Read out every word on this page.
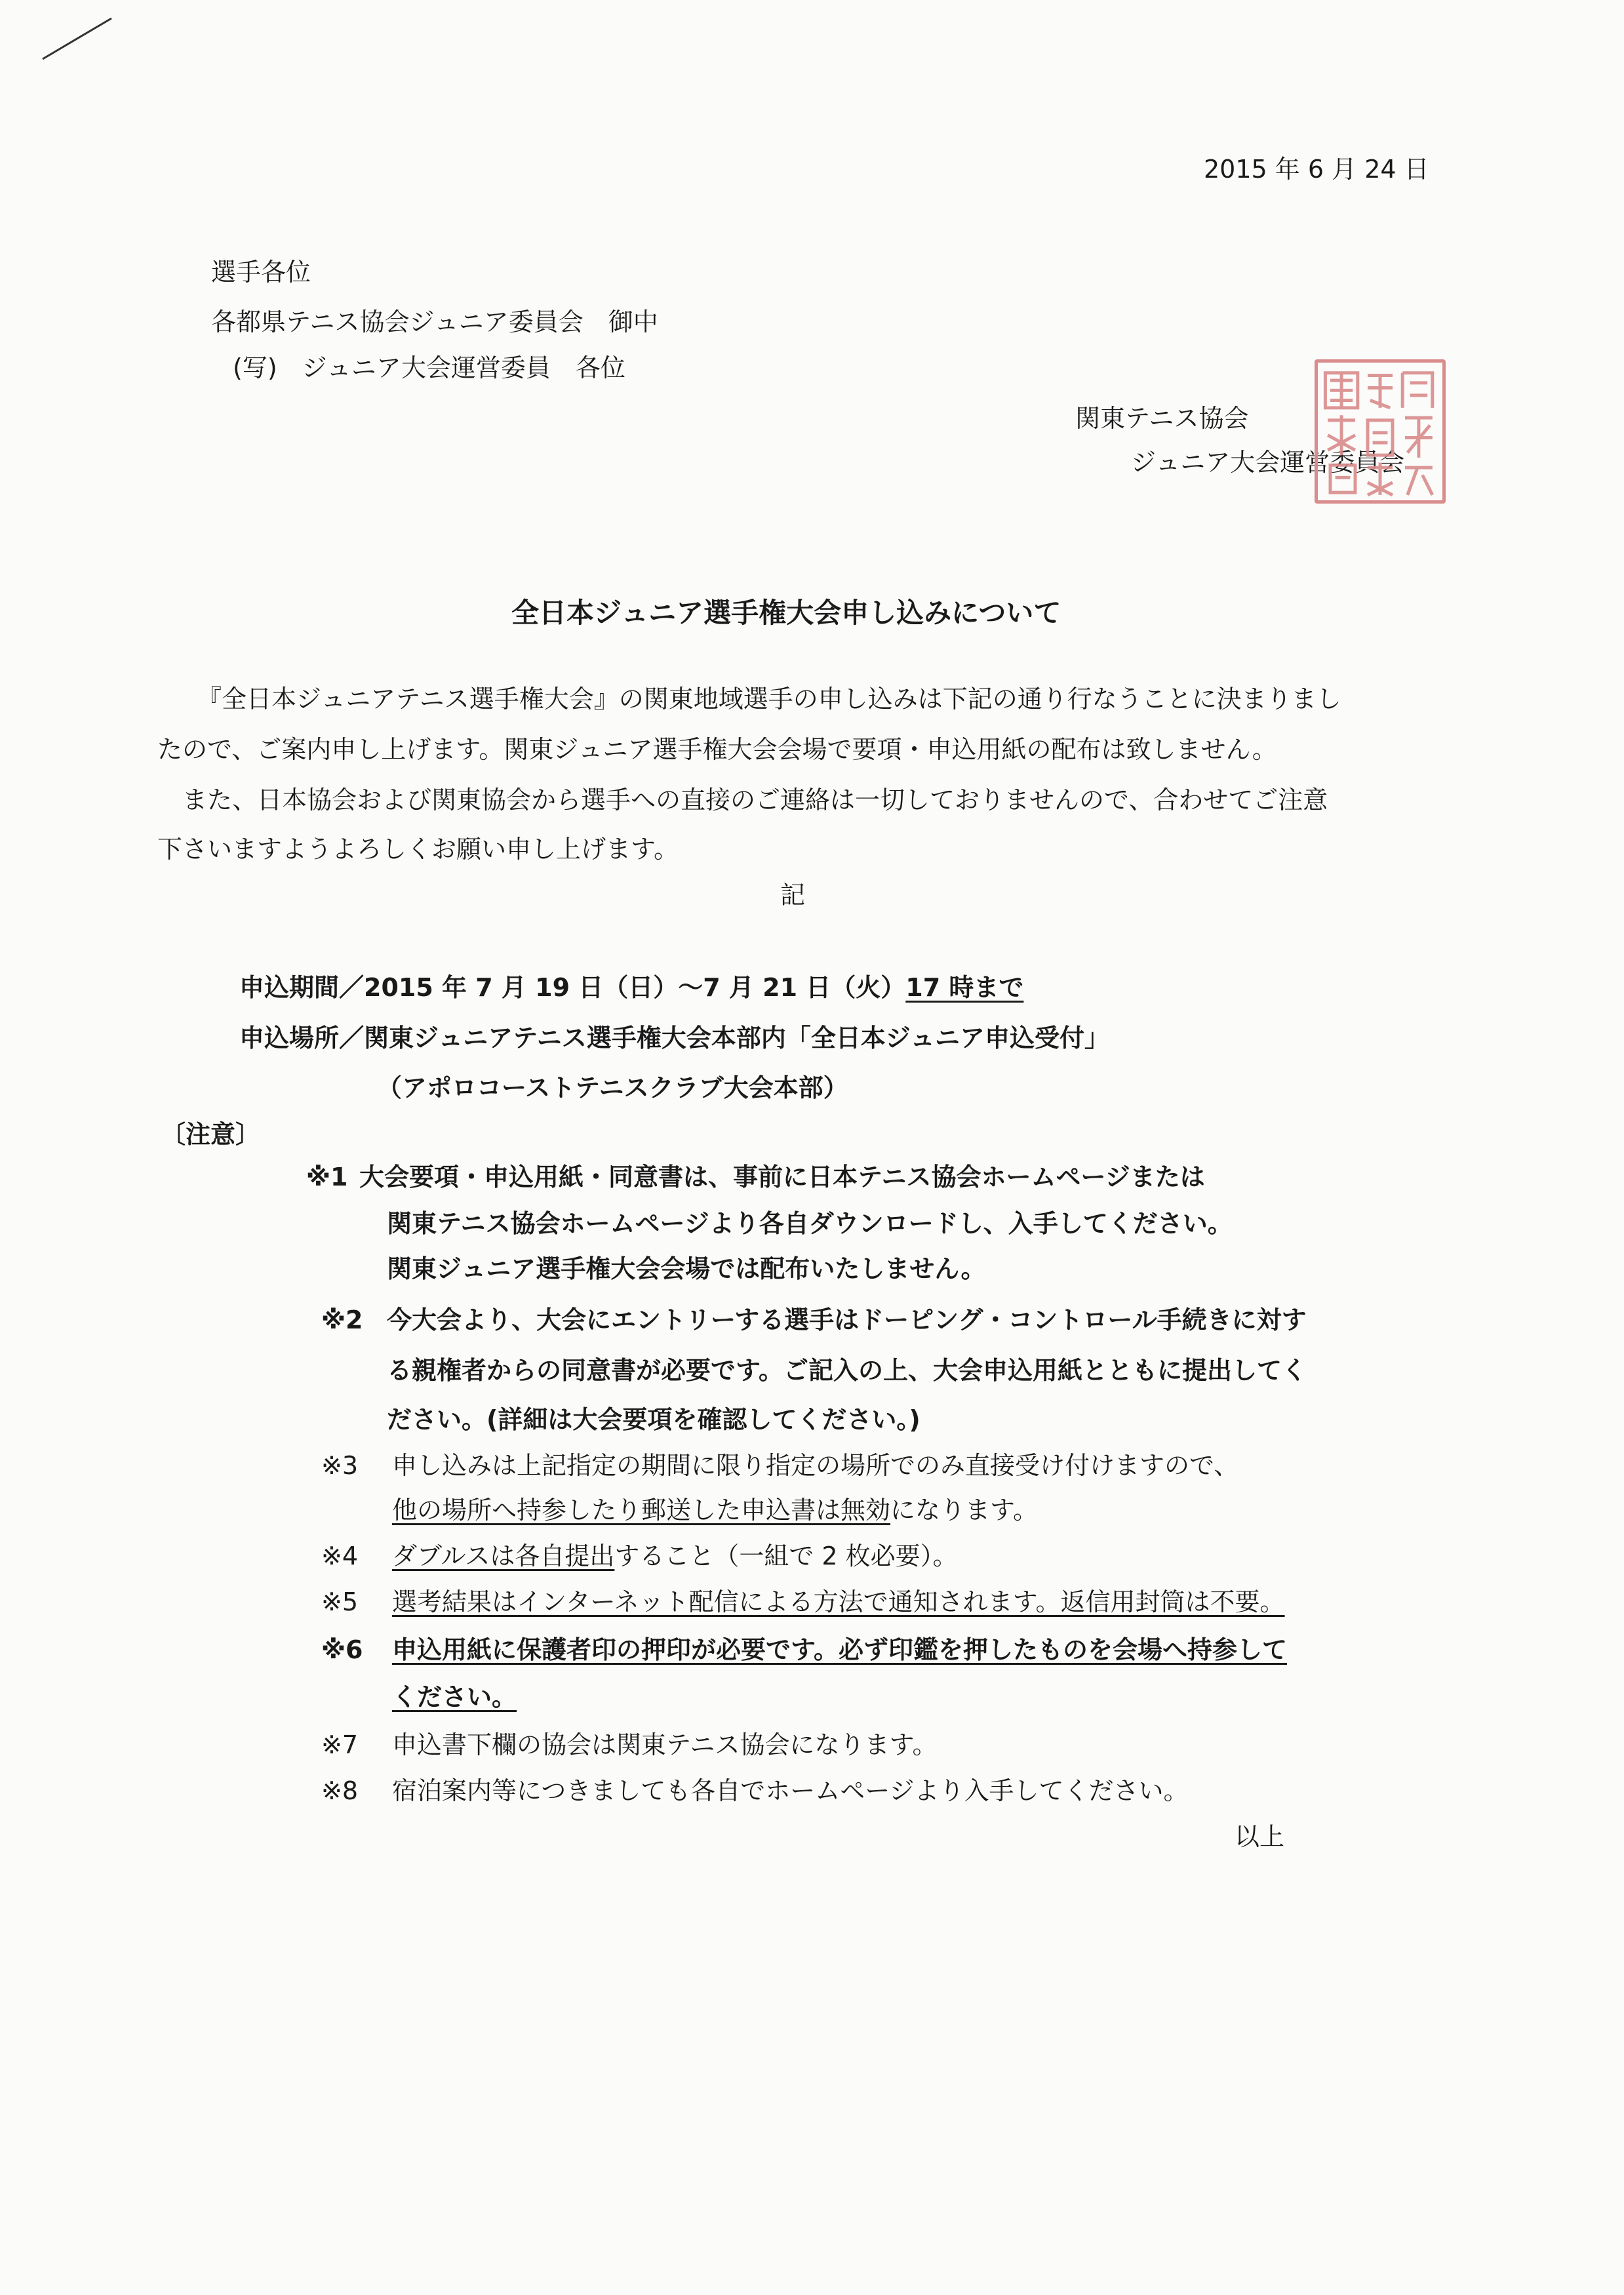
2015 年 6 月 24 日
選手各位
各都県テニス協会ジュニア委員会　御中
(写)　ジュニア大会運営委員　各位
関東テニス協会
ジュニア大会運営委員会
全日本ジュニア選手権大会申し込みについて
『全日本ジュニアテニス選手権大会』の関東地域選手の申し込みは下記の通り行なうことに決まりまし
たので、ご案内申し上げます。関東ジュニア選手権大会会場で要項・申込用紙の配布は致しません。
また、日本協会および関東協会から選手への直接のご連絡は一切しておりませんので、合わせてご注意
下さいますようよろしくお願い申し上げます。
記
申込期間／2015 年 7 月 19 日（日）～7 月 21 日（火）17 時まで
申込場所／関東ジュニアテニス選手権大会本部内「全日本ジュニア申込受付」
（アポロコーストテニスクラブ大会本部）
〔注意〕
※1 大会要項・申込用紙・同意書は、事前に日本テニス協会ホームページまたは
関東テニス協会ホームページより各自ダウンロードし、入手してください。
関東ジュニア選手権大会会場では配布いたしません。
※2 今大会より、大会にエントリーする選手はドーピング・コントロール手続きに対す
る親権者からの同意書が必要です。ご記入の上、大会申込用紙とともに提出してく
ださい。(詳細は大会要項を確認してください。)
※3 申し込みは上記指定の期間に限り指定の場所でのみ直接受け付けますので、
他の場所へ持参したり郵送した申込書は無効になります。
※4 ダブルスは各自提出すること（一組で 2 枚必要）。
※5 選考結果はインターネット配信による方法で通知されます。返信用封筒は不要。
※6 申込用紙に保護者印の押印が必要です。必ず印鑑を押したものを会場へ持参して
ください。
※7 申込書下欄の協会は関東テニス協会になります。
※8 宿泊案内等につきましても各自でホームページより入手してください。
以上
